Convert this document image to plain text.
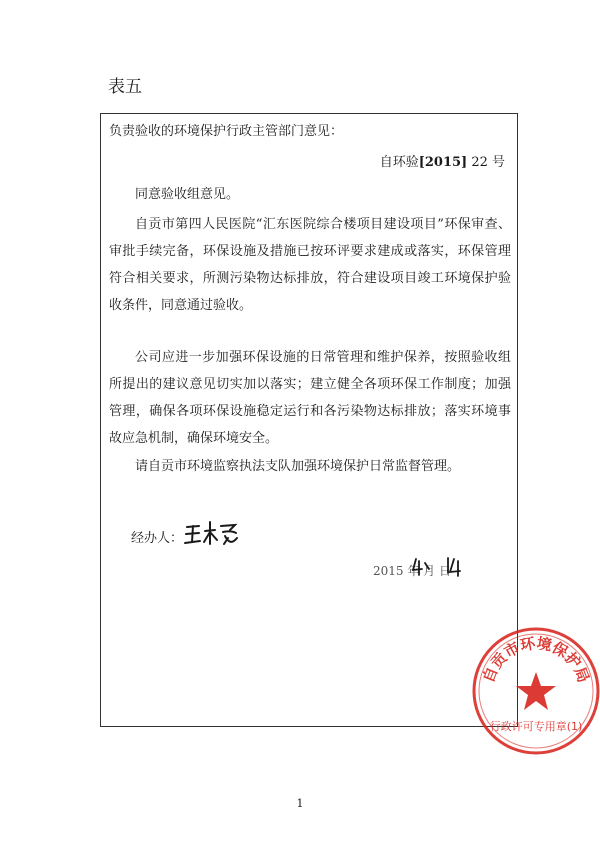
表五
负责验收的环境保护行政主管部门意见：
自环验[2015] 22 号

同意验收组意见。

自贡市第四人民医院“汇东医院综合楼项目建设项目”环保审查、审批手续完备，环保设施及措施已按环评要求建成或落实，环保管理符合相关要求，所测污染物达标排放，符合建设项目竣工环境保护验收条件，同意通过验收。

公司应进一步加强环保设施的日常管理和维护保养，按照验收组所提出的建议意见切实加以落实；建立健全各项环保工作制度；加强管理，确保各项环保设施稳定运行和各污染物达标排放；落实环境事故应急机制，确保环境安全。

请自贡市环境监察执法支队加强环境保护日常监督管理。

经办人：
2015 年 月 日
自贡市环境保护局
行政许可专用章(1)
1
